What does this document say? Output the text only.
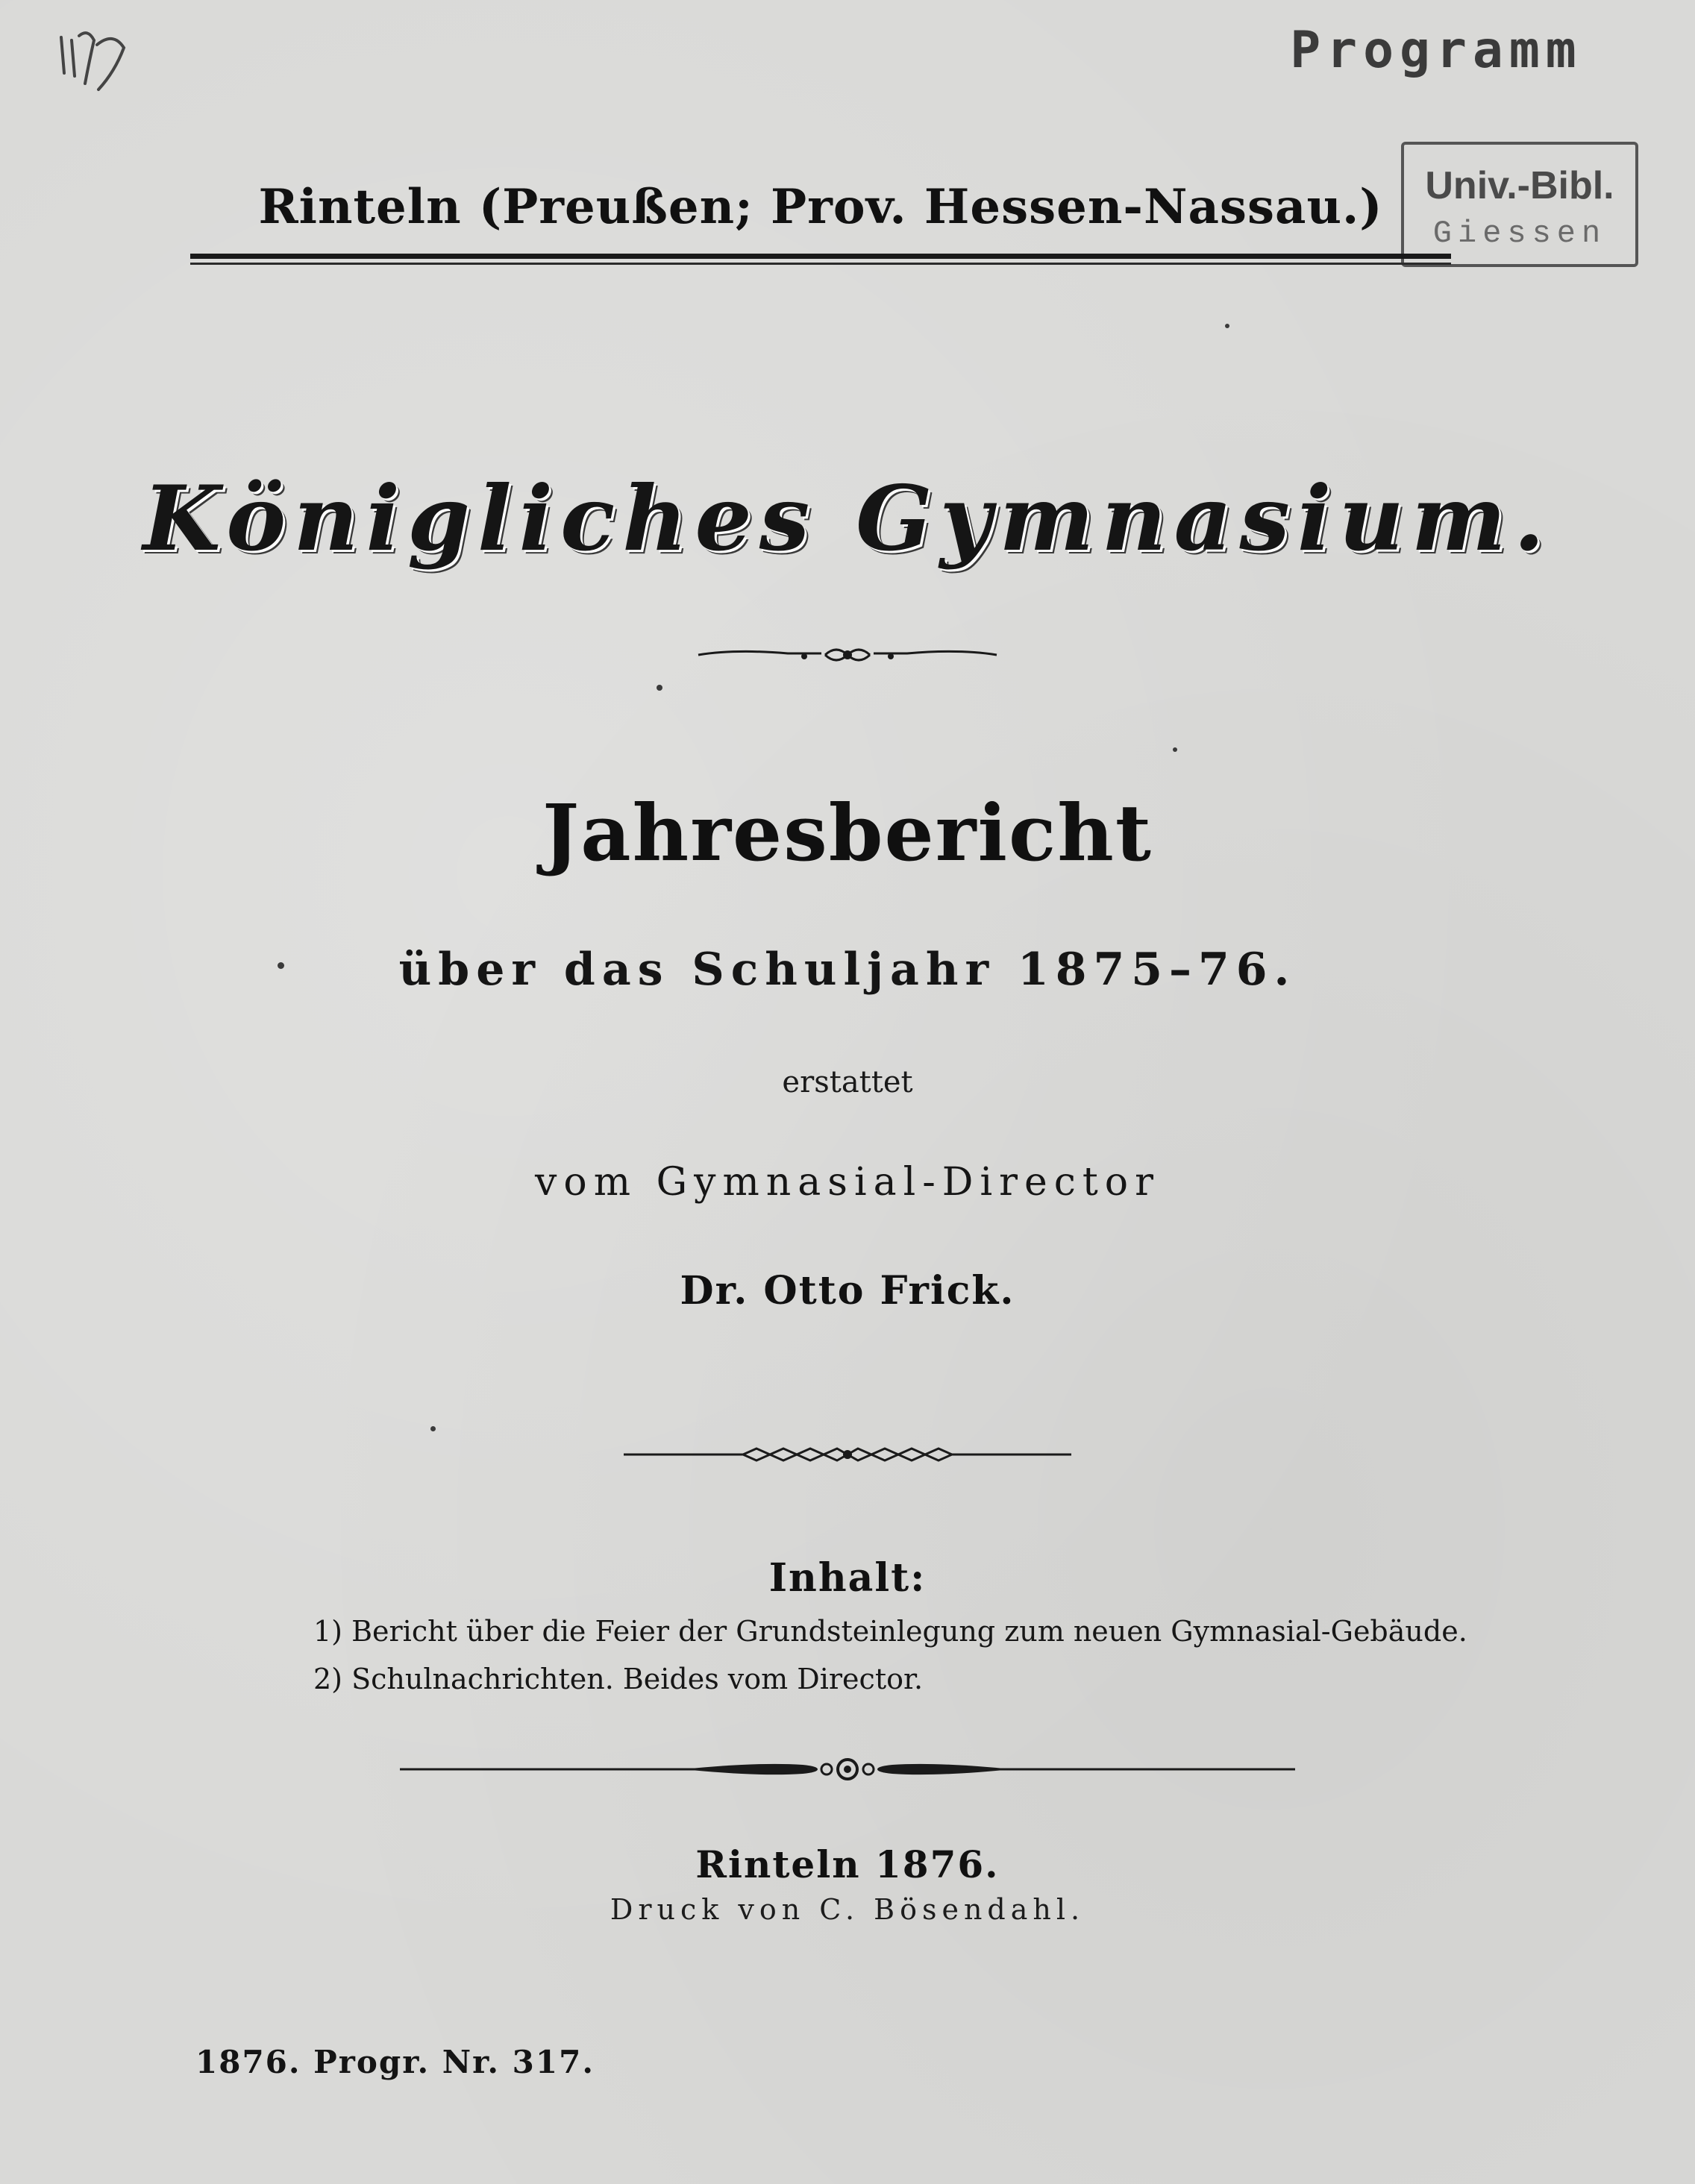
Programm
Univ.-Bibl.
Giessen
Rinteln (Preußen; Prov. Hessen-Nassau.)
Königliches Gymnasium.
Jahresbericht
über das Schuljahr 1875–76.
erstattet
vom Gymnasial-Director
Dr. Otto Frick.
Inhalt:
1) Bericht über die Feier der Grundsteinlegung zum neuen Gymnasial-Gebäude.
2) Schulnachrichten. Beides vom Director.
Rinteln 1876.
Druck von C. Bösendahl.
1876. Progr. Nr. 317.
